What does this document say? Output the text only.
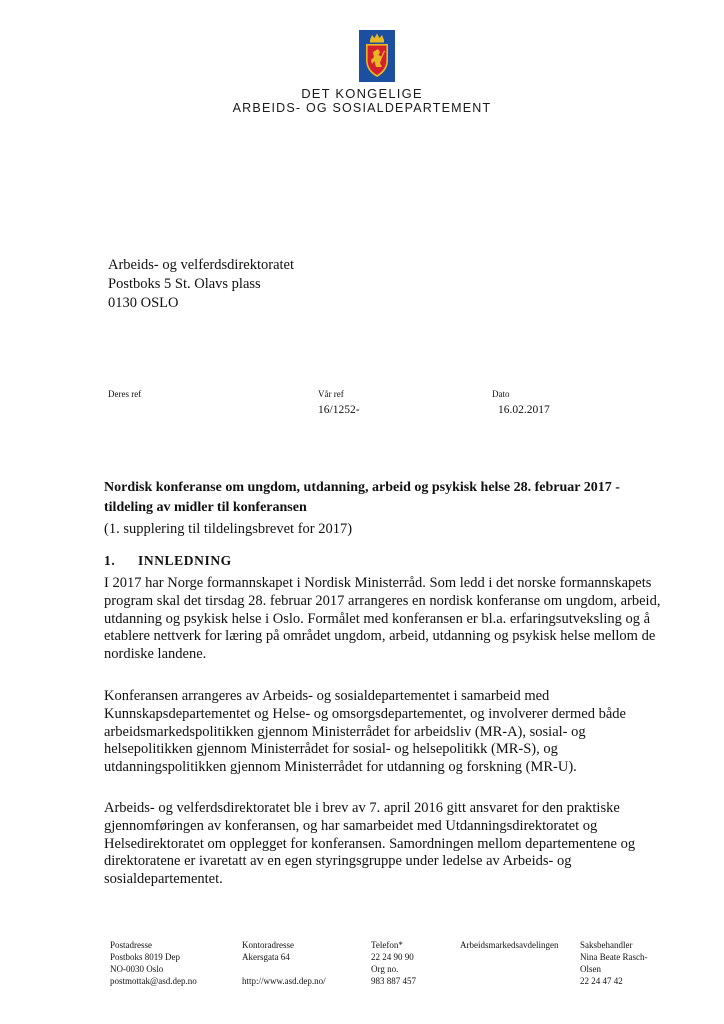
DET KONGELIGE
ARBEIDS- OG SOSIALDEPARTEMENT
Arbeids- og velferdsdirektoratet
Postboks 5 St. Olavs plass
0130 OSLO
Deres ref	Vår ref
16/1252-
Dato
16.02.2017
Nordisk konferanse om ungdom, utdanning, arbeid og psykisk helse 28. februar 2017 - tildeling av midler til konferansen
(1. supplering til tildelingsbrevet for 2017)
1. INNLEDNING
I 2017 har Norge formannskapet i Nordisk Ministerråd. Som ledd i det norske formannskapets program skal det tirsdag 28. februar 2017 arrangeres en nordisk konferanse om ungdom, arbeid, utdanning og psykisk helse i Oslo. Formålet med konferansen er bl.a. erfaringsutveksling og å etablere nettverk for læring på området ungdom, arbeid, utdanning og psykisk helse mellom de nordiske landene.
Konferansen arrangeres av Arbeids- og sosialdepartementet i samarbeid med Kunnskapsdepartementet og Helse- og omsorgsdepartementet, og involverer dermed både arbeidsmarkedspolitikken gjennom Ministerrådet for arbeidsliv (MR-A), sosial- og helsepolitikken gjennom Ministerrådet for sosial- og helsepolitikk (MR-S), og utdanningspolitikken gjennom Ministerrådet for utdanning og forskning (MR-U).
Arbeids- og velferdsdirektoratet ble i brev av 7. april 2016 gitt ansvaret for den praktiske gjennomføringen av konferansen, og har samarbeidet med Utdanningsdirektoratet og Helsedirektoratet om opplegget for konferansen. Samordningen mellom departementene og direktoratene er ivaretatt av en egen styringsgruppe under ledelse av Arbeids- og sosialdepartementet.
Postadresse
Postboks 8019 Dep
NO-0030 Oslo
postmottak@asd.dep.no
Kontoradresse
Akersgata 64

http://www.asd.dep.no/
Telefon*
22 24 90 90
Org no.
983 887 457
Arbeidsmarkedsavdelingen Saksbehandler
Nina Beate Rasch-
Olsen
22 24 47 42
